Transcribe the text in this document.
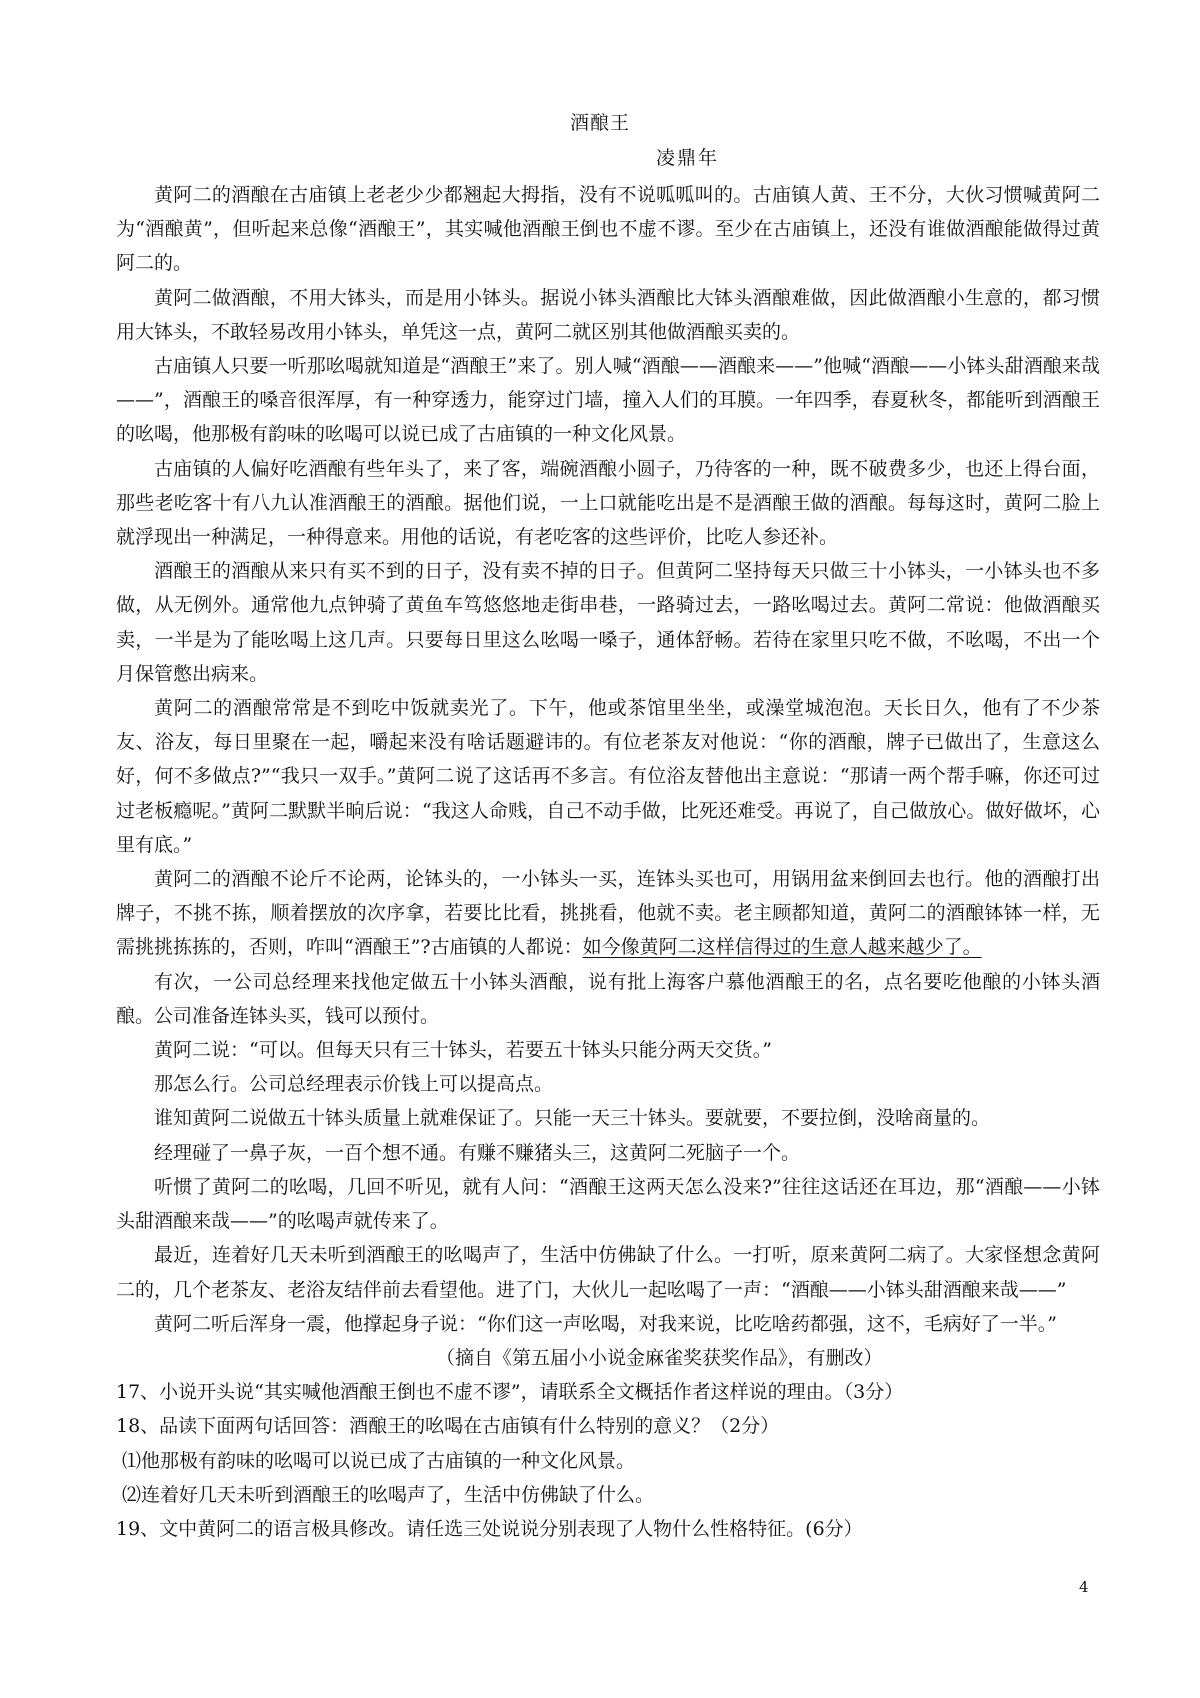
酒酿王
凌鼎年

黄阿二的酒酿在古庙镇上老老少少都翘起大拇指，没有不说呱呱叫的。古庙镇人黄、王不分，大伙习惯喊黄阿二为“酒酿黄”，但听起来总像“酒酿王”，其实喊他酒酿王倒也不虚不谬。至少在古庙镇上，还没有谁做酒酿能做得过黄阿二的。

黄阿二做酒酿，不用大钵头，而是用小钵头。据说小钵头酒酿比大钵头酒酿难做，因此做酒酿小生意的，都习惯用大钵头，不敢轻易改用小钵头，单凭这一点，黄阿二就区别其他做酒酿买卖的。

古庙镇人只要一听那吆喝就知道是“酒酿王”来了。别人喊“酒酿——酒酿来——”他喊“酒酿——小钵头甜酒酿来哉——”，酒酿王的嗓音很浑厚，有一种穿透力，能穿过门墙，撞入人们的耳膜。一年四季，春夏秋冬，都能听到酒酿王的吆喝，他那极有韵味的吆喝可以说已成了古庙镇的一种文化风景。

古庙镇的人偏好吃酒酿有些年头了，来了客，端碗酒酿小圆子，乃待客的一种，既不破费多少，也还上得台面，那些老吃客十有八九认准酒酿王的酒酿。据他们说，一上口就能吃出是不是酒酿王做的酒酿。每每这时，黄阿二脸上就浮现出一种满足，一种得意来。用他的话说，有老吃客的这些评价，比吃人参还补。

酒酿王的酒酿从来只有买不到的日子，没有卖不掉的日子。但黄阿二坚持每天只做三十小钵头，一小钵头也不多做，从无例外。通常他九点钟骑了黄鱼车笃悠悠地走街串巷，一路骑过去，一路吆喝过去。黄阿二常说：他做酒酿买卖，一半是为了能吆喝上这几声。只要每日里这么吆喝一嗓子，通体舒畅。若待在家里只吃不做，不吆喝，不出一个月保管憋出病来。

黄阿二的酒酿常常是不到吃中饭就卖光了。下午，他或茶馆里坐坐，或澡堂城泡泡。天长日久，他有了不少茶友、浴友，每日里聚在一起，嚼起来没有啥话题避讳的。有位老茶友对他说：“你的酒酿，牌子已做出了，生意这么好，何不多做点?”“我只一双手。”黄阿二说了这话再不多言。有位浴友替他出主意说：“那请一两个帮手嘛，你还可过过老板瘾呢。”黄阿二默默半晌后说：“我这人命贱，自己不动手做，比死还难受。再说了，自己做放心。做好做坏，心里有底。”

黄阿二的酒酿不论斤不论两，论钵头的，一小钵头一买，连钵头买也可，用锅用盆来倒回去也行。他的酒酿打出牌子，不挑不拣，顺着摆放的次序拿，若要比比看，挑挑看，他就不卖。老主顾都知道，黄阿二的酒酿钵钵一样，无需挑挑拣拣的，否则，咋叫“酒酿王”?古庙镇的人都说：如今像黄阿二这样信得过的生意人越来越少了。

有次，一公司总经理来找他定做五十小钵头酒酿，说有批上海客户慕他酒酿王的名，点名要吃他酿的小钵头酒酿。公司准备连钵头买，钱可以预付。

黄阿二说：“可以。但每天只有三十钵头，若要五十钵头只能分两天交货。”

那怎么行。公司总经理表示价钱上可以提高点。

谁知黄阿二说做五十钵头质量上就难保证了。只能一天三十钵头。要就要，不要拉倒，没啥商量的。

经理碰了一鼻子灰，一百个想不通。有赚不赚猪头三，这黄阿二死脑子一个。

听惯了黄阿二的吆喝，几回不听见，就有人问：“酒酿王这两天怎么没来?”往往这话还在耳边，那“酒酿——小钵头甜酒酿来哉——”的吆喝声就传来了。

最近，连着好几天未听到酒酿王的吆喝声了，生活中仿佛缺了什么。一打听，原来黄阿二病了。大家怪想念黄阿二的，几个老茶友、老浴友结伴前去看望他。进了门，大伙儿一起吆喝了一声：“酒酿——小钵头甜酒酿来哉——”

黄阿二听后浑身一震，他撑起身子说：“你们这一声吆喝，对我来说，比吃啥药都强，这不，毛病好了一半。”

（摘自《第五届小小说金麻雀奖获奖作品》，有删改）

17、小说开头说“其实喊他酒酿王倒也不虚不谬”，请联系全文概括作者这样说的理由。（3分）

18、品读下面两句话回答：酒酿王的吆喝在古庙镇有什么特别的意义？（2分）

⑴他那极有韵味的吆喝可以说已成了古庙镇的一种文化风景。

⑵连着好几天未听到酒酿王的吆喝声了，生活中仿佛缺了什么。

19、文中黄阿二的语言极具修改。请任选三处说说分别表现了人物什么性格特征。(6分）

4
